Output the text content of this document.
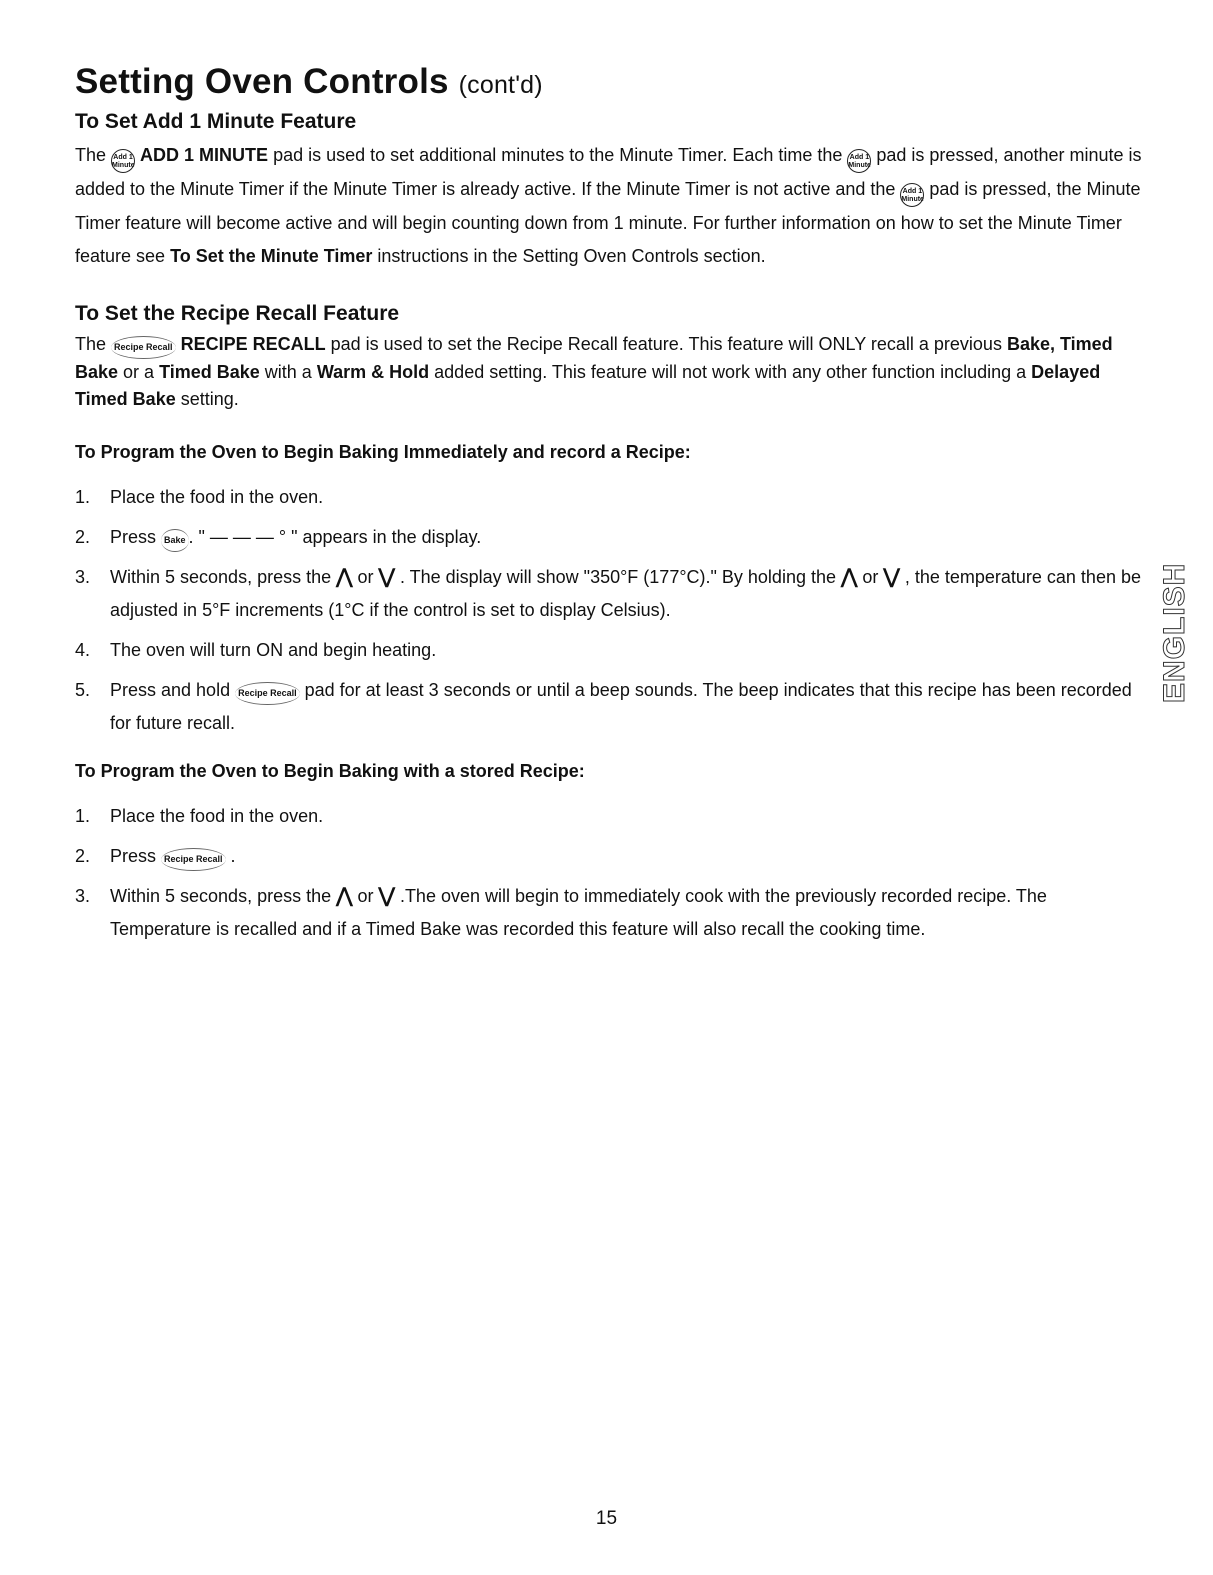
Setting Oven Controls (cont'd)
To Set Add 1 Minute Feature

The Add 1 Minute ADD 1 MINUTE pad is used to set additional minutes to the Minute Timer. Each time the Add 1 Minute pad is pressed, another minute is added to the Minute Timer if the Minute Timer is already active. If the Minute Timer is not active and the Add 1 Minute pad is pressed, the Minute Timer feature will become active and will begin counting down from 1 minute. For further information on how to set the Minute Timer feature see To Set the Minute Timer instructions in the Setting Oven Controls section.

To Set the Recipe Recall Feature

The Recipe Recall RECIPE RECALL pad is used to set the Recipe Recall feature. This feature will ONLY recall a previous Bake, Timed Bake or a Timed Bake with a Warm & Hold added setting. This feature will not work with any other function including a Delayed Timed Bake setting.

To Program the Oven to Begin Baking Immediately and record a Recipe:
1. Place the food in the oven.
2. Press Bake . " — — — ° " appears in the display.
3. Within 5 seconds, press the ⋀ or ⋁ . The display will show "350°F (177°C)." By holding the ⋀ or ⋁ , the temperature can then be adjusted in 5°F increments (1°C if the control is set to display Celsius).
4. The oven will turn ON and begin heating.
5. Press and hold Recipe Recall pad for at least 3 seconds or until a beep sounds. The beep indicates that this recipe has been recorded for future recall.
To Program the Oven to Begin Baking with a stored Recipe:
1. Place the food in the oven.
2. Press Recipe Recall .
3. Within 5 seconds, press the ⋀ or ⋁ .The oven will begin to immediately cook with the previously recorded recipe. The Temperature is recalled and if a Timed Bake was recorded this feature will also recall the cooking time.
ENGLISH
15
